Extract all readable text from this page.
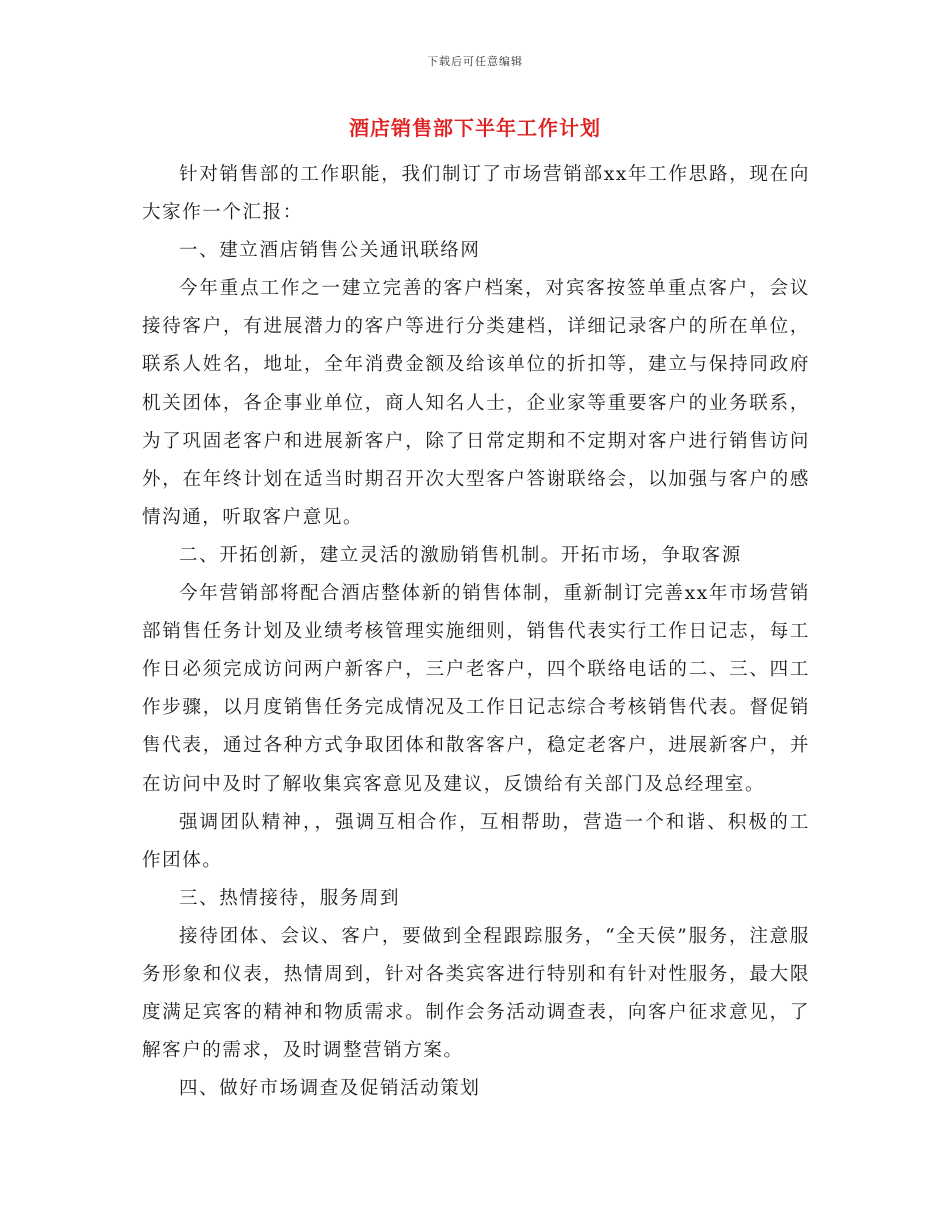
下载后可任意编辑
酒店销售部下半年工作计划

针对销售部的工作职能，我们制订了市场营销部xx年工作思路，现在向大家作一个汇报：

一、建立酒店销售公关通讯联络网

今年重点工作之一建立完善的客户档案，对宾客按签单重点客户，会议接待客户，有进展潜力的客户等进行分类建档，详细记录客户的所在单位，联系人姓名，地址，全年消费金额及给该单位的折扣等，建立与保持同政府机关团体，各企事业单位，商人知名人士，企业家等重要客户的业务联系，为了巩固老客户和进展新客户，除了日常定期和不定期对客户进行销售访问外，在年终计划在适当时期召开次大型客户答谢联络会，以加强与客户的感情沟通，听取客户意见。

二、开拓创新，建立灵活的激励销售机制。开拓市场，争取客源

今年营销部将配合酒店整体新的销售体制，重新制订完善xx年市场营销部销售任务计划及业绩考核管理实施细则，销售代表实行工作日记志，每工作日必须完成访问两户新客户，三户老客户，四个联络电话的二、三、四工作步骤，以月度销售任务完成情况及工作日记志综合考核销售代表。督促销售代表，通过各种方式争取团体和散客客户，稳定老客户，进展新客户，并在访问中及时了解收集宾客意见及建议，反馈给有关部门及总经理室。

强调团队精神，，强调互相合作，互相帮助，营造一个和谐、积极的工作团体。

三、热情接待，服务周到

接待团体、会议、客户，要做到全程跟踪服务，“全天侯”服务，注意服务形象和仪表，热情周到，针对各类宾客进行特别和有针对性服务，最大限度满足宾客的精神和物质需求。制作会务活动调查表，向客户征求意见，了解客户的需求，及时调整营销方案。

四、做好市场调查及促销活动策划
